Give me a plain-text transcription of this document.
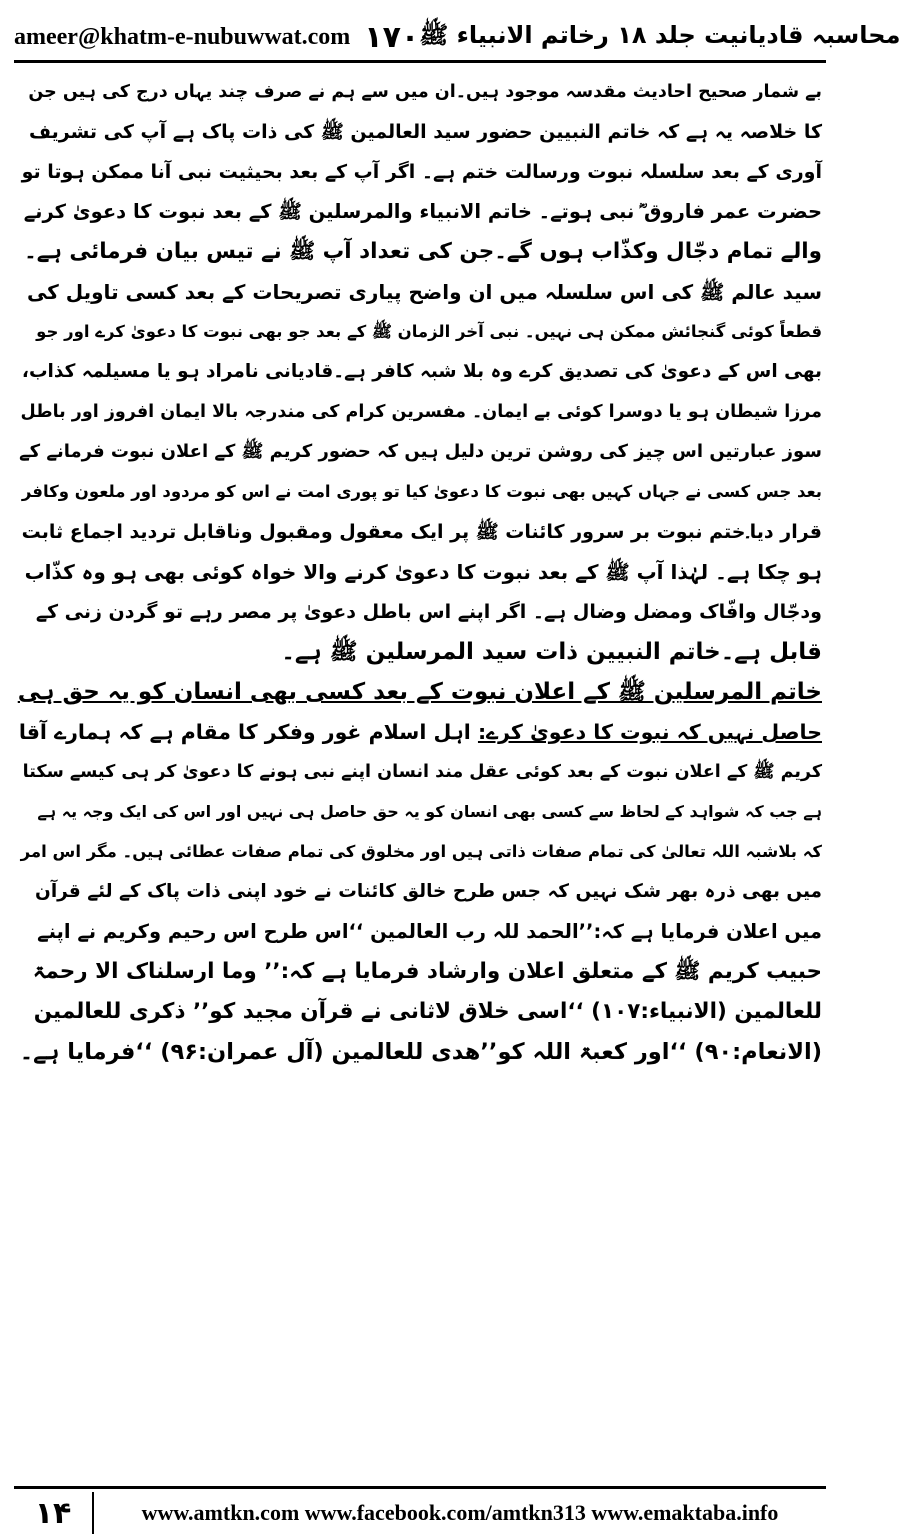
ameer@khatm-e-nubuwwat.com ۱۷۰ محاسبہ قادیانیت جلد ۱۸ رخاتم الانبیاء ﷺ
بے شمار صحیح احادیث مقدسہ موجود ہیں۔ان میں سے ہم نے صرف چند یہاں درج کی ہیں جن
کا خلاصہ یہ ہے کہ خاتم النبیین حضور سید العالمین ﷺ کی ذات پاک ہے آپ کی تشریف
آوری کے بعد سلسلہ نبوت ورسالت ختم ہے۔ اگر آپ کے بعد بحیثیت نبی آنا ممکن ہوتا تو
حضرت عمر فاروق ؓ نبی ہوتے۔ خاتم الانبیاء والمرسلین ﷺ کے بعد نبوت کا دعویٰ کرنے
والے تمام دجّال وکذّاب ہوں گے۔جن کی تعداد آپ ﷺ نے تیس بیان فرمائی ہے۔
سید عالم ﷺ کی اس سلسلہ میں ان واضح پیاری تصریحات کے بعد کسی تاویل کی
قطعاً کوئی گنجائش ممکن ہی نہیں۔ نبی آخر الزمان ﷺ کے بعد جو بھی نبوت کا دعویٰ کرے اور جو
بھی اس کے دعویٰ کی تصدیق کرے وہ بلا شبہ کافر ہے۔قادیانی نامراد ہو یا مسیلمہ کذاب،
مرزا شیطان ہو یا دوسرا کوئی بے ایمان۔ مفسرین کرام کی مندرجہ بالا ایمان افروز اور باطل
سوز عبارتیں اس چیز کی روشن ترین دلیل ہیں کہ حضور کریم ﷺ کے اعلان نبوت فرمانے کے
بعد جس کسی نے جہاں کہیں بھی نبوت کا دعویٰ کیا تو پوری امت نے اس کو مردود اور ملعون وکافر
قرار دیا۔ختم نبوت بر سرور کائنات ﷺ پر ایک معقول ومقبول وناقابل تردید اجماع ثابت
ہو چکا ہے۔ لہٰذا آپ ﷺ کے بعد نبوت کا دعویٰ کرنے والا خواہ کوئی بھی ہو وہ کذّاب
ودجّال وافّاک ومضل وضال ہے۔ اگر اپنے اس باطل دعویٰ پر مصر رہے تو گردن زنی کے
قابل ہے۔خاتم النبیین ذات سید المرسلین ﷺ ہے۔
خاتم المرسلین ﷺ کے اعلان نبوت کے بعد کسی بھی انسان کو یہ حق ہی
حاصل نہیں کہ نبوت کا دعویٰ کرے: اہل اسلام غور وفکر کا مقام ہے کہ ہمارے آقا
کریم ﷺ کے اعلان نبوت کے بعد کوئی عقل مند انسان اپنے نبی ہونے کا دعویٰ کر ہی کیسے سکتا
ہے جب کہ شواہد کے لحاظ سے کسی بھی انسان کو یہ حق حاصل ہی نہیں اور اس کی ایک وجہ یہ ہے
کہ بلاشبہ اللہ تعالیٰ کی تمام صفات ذاتی ہیں اور مخلوق کی تمام صفات عطائی ہیں۔ مگر اس امر
میں بھی ذرہ بھر شک نہیں کہ جس طرح خالق کائنات نے خود اپنی ذات پاک کے لئے قرآن
میں اعلان فرمایا ہے کہ:’’الحمد للہ رب العالمین ‘‘اس طرح اس رحیم وکریم نے اپنے
حبیب کریم ﷺ کے متعلق اعلان وارشاد فرمایا ہے کہ:’’ وما ارسلناک الا رحمۃ
للعالمین (الانبیاء:۱۰۷) ‘‘اسی خلاق لاثانی نے قرآن مجید کو’’ ذکری للعالمین
(الانعام:۹۰) ‘‘اور کعبۃ اللہ کو’’ھدی للعالمین (آل عمران:۹۶) ‘‘فرمایا ہے۔
۱۴	www.amtkn.com www.facebook.com/amtkn313 www.emaktaba.info
